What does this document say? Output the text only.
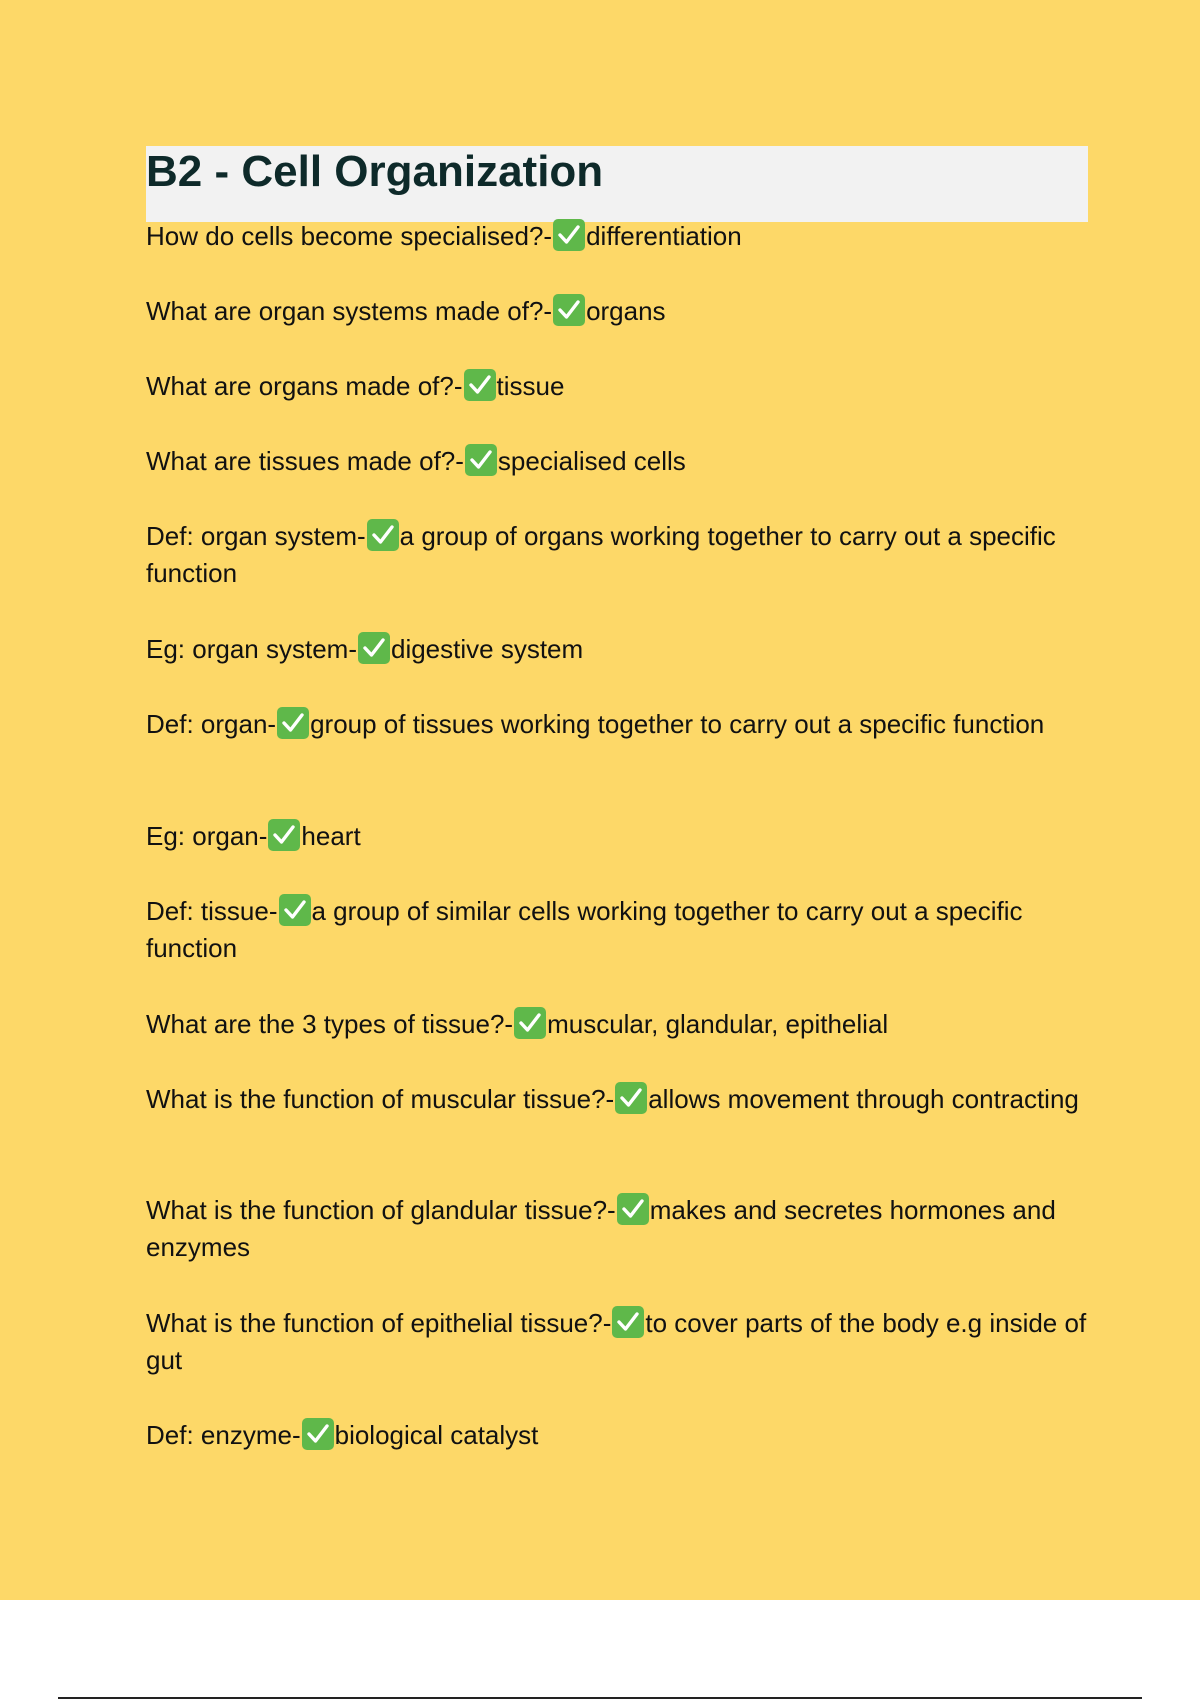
B2 - Cell Organization

How do cells become specialised?- differentiation

What are organ systems made of?- organs

What are organs made of?- tissue

What are tissues made of?- specialised cells

Def: organ system- a group of organs working together to carry out a specific function

Eg: organ system- digestive system

Def: organ- group of tissues working together to carry out a specific function

Eg: organ- heart

Def: tissue- a group of similar cells working together to carry out a specific function

What are the 3 types of tissue?- muscular, glandular, epithelial

What is the function of muscular tissue?- allows movement through contracting

What is the function of glandular tissue?- makes and secretes hormones and enzymes

What is the function of epithelial tissue?- to cover parts of the body e.g inside of gut

Def: enzyme- biological catalyst
